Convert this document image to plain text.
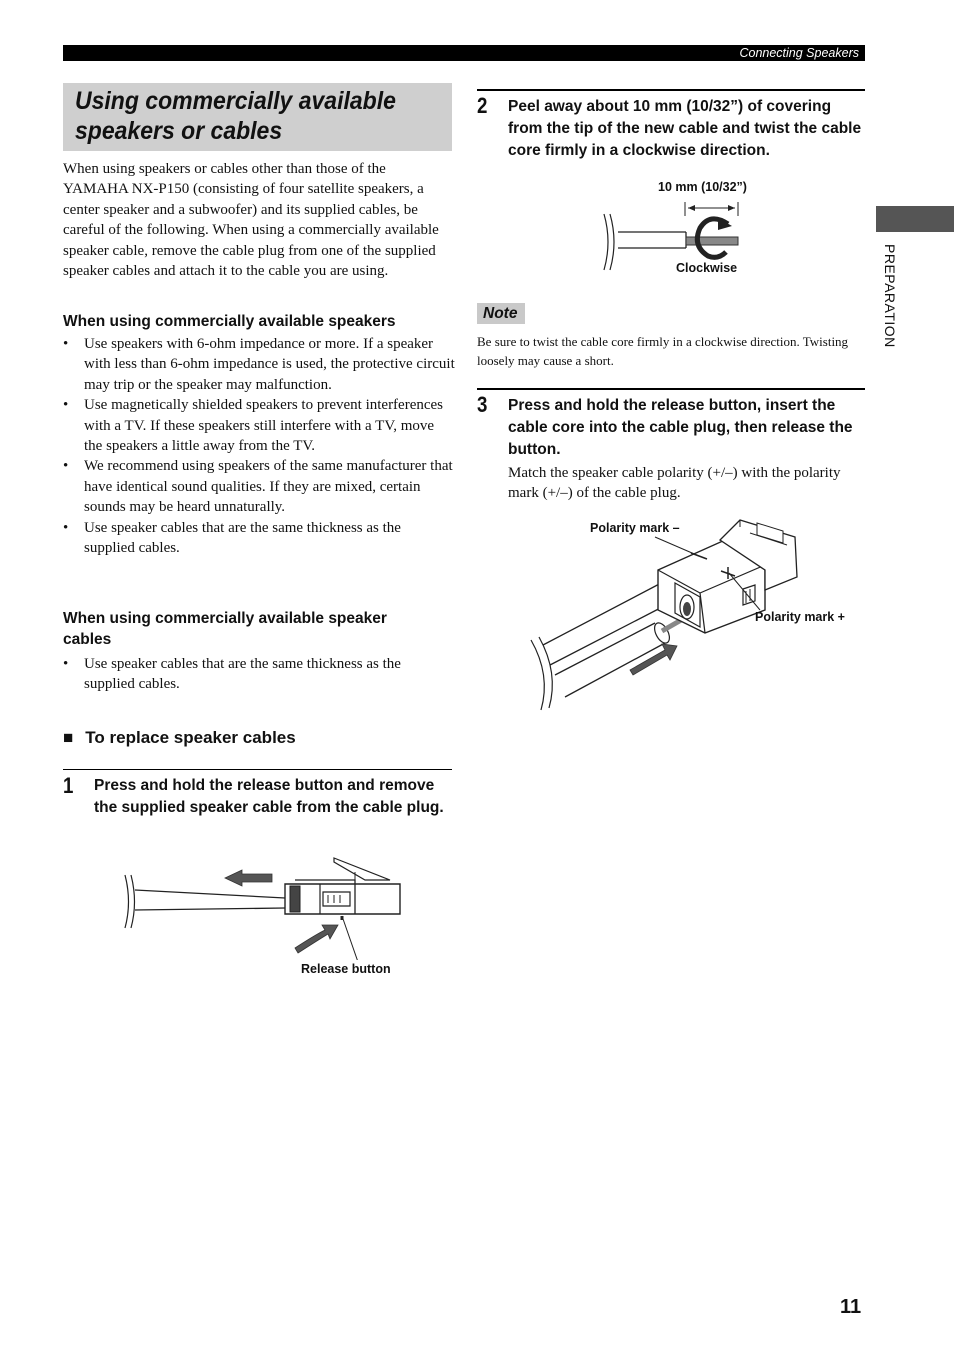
Connecting Speakers
PREPARATION
Using commercially available speakers or cables
When using speakers or cables other than those of the YAMAHA NX-P150 (consisting of four satellite speakers, a center speaker and a subwoofer) and its supplied cables, be careful of the following. When using a commercially available speaker cable, remove the cable plug from one of the supplied speaker cables and attach it to the cable you are using.
When using commercially available speakers
• Use speakers with 6-ohm impedance or more. If a speaker with less than 6-ohm impedance is used, the protective circuit may trip or the speaker may malfunction.
• Use magnetically shielded speakers to prevent interferences with a TV. If these speakers still interfere with a TV, move the speakers a little away from the TV.
• We recommend using speakers of the same manufacturer that have identical sound qualities. If they are mixed, certain sounds may be heard unnaturally.
• Use speaker cables that are the same thickness as the supplied cables.
When using commercially available speaker cables
• Use speaker cables that are the same thickness as the supplied cables.
■ To replace speaker cables
1 Press and hold the release button and remove the supplied speaker cable from the cable plug.
Release button
2 Peel away about 10 mm (10/32”) of covering from the tip of the new cable and twist the cable core firmly in a clockwise direction.
10 mm (10/32”)
Clockwise
Note
Be sure to twist the cable core firmly in a clockwise direction. Twisting loosely may cause a short.
3 Press and hold the release button, insert the cable core into the cable plug, then release the button.
Match the speaker cable polarity (+/–) with the polarity mark (+/–) of the cable plug.
Polarity mark –
Polarity mark +
11
